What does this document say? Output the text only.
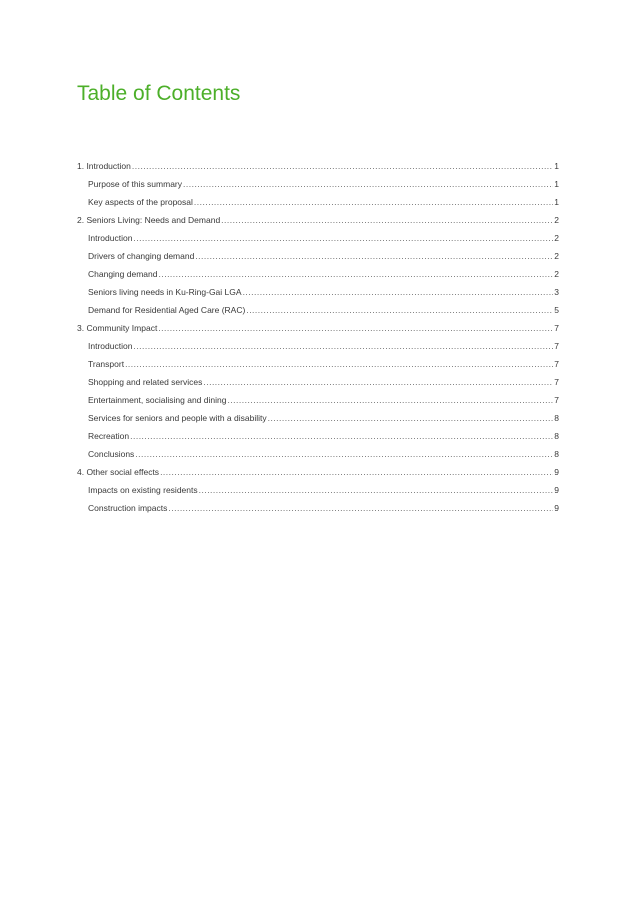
Table of Contents
1. Introduction .....	1
Purpose of this summary .....	1
Key aspects of the proposal .....	1
2. Seniors Living: Needs and Demand .....	2
Introduction .....	2
Drivers of changing demand .....	2
Changing demand .....	2
Seniors living needs in Ku-Ring-Gai LGA .....	3
Demand for Residential Aged Care (RAC) .....	5
3. Community Impact .....	7
Introduction .....	7
Transport .....	7
Shopping and related services .....	7
Entertainment, socialising and dining .....	7
Services for seniors and people with a disability .....	8
Recreation .....	8
Conclusions .....	8
4. Other social effects .....	9
Impacts on existing residents .....	9
Construction impacts .....	9
